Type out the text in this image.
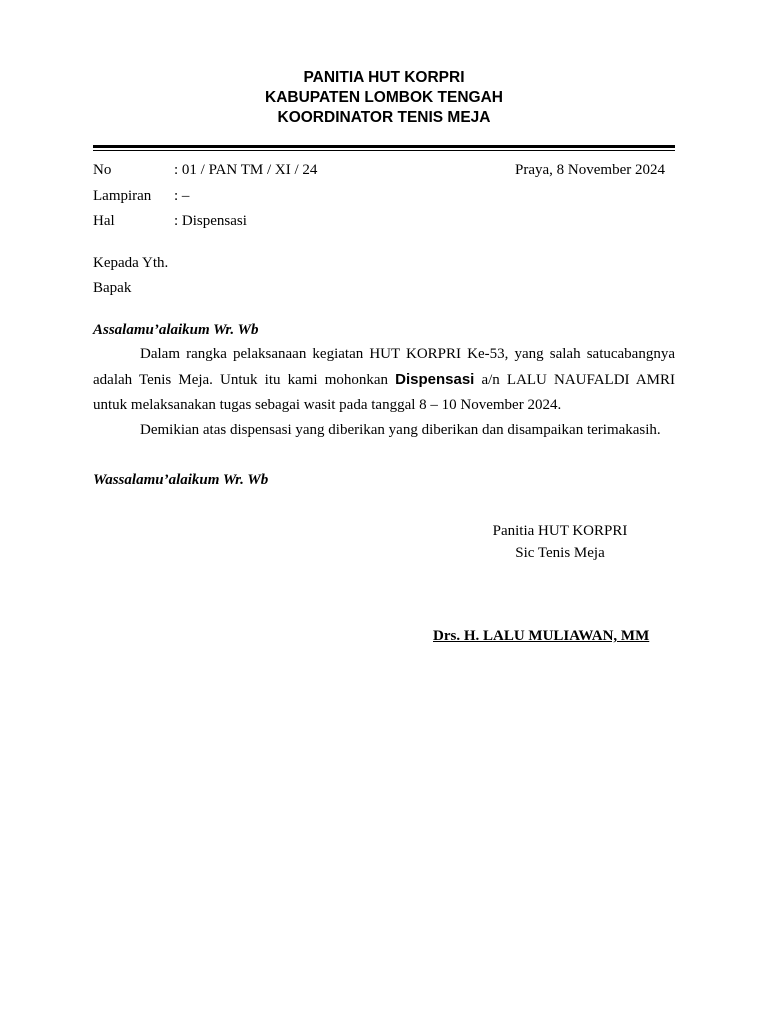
PANITIA HUT KORPRI
KABUPATEN LOMBOK TENGAH
KOORDINATOR TENIS MEJA
No	: 01 / PAN TM / XI / 24	Praya, 8 November 2024
Lampiran : –
Hal	: Dispensasi
Kepada Yth.
Bapak
Assalamu’alaikum Wr. Wb
Dalam rangka pelaksanaan kegiatan HUT KORPRI Ke-53, yang salah satucabangnya adalah Tenis Meja. Untuk itu kami mohonkan Dispensasi a/n LALU NAUFALDI AMRI untuk melaksanakan tugas sebagai wasit pada tanggal 8 – 10 November 2024.
Demikian atas dispensasi yang diberikan yang diberikan dan disampaikan terimakasih.
Wassalamu’alaikum Wr. Wb
Panitia HUT KORPRI
Sic Tenis Meja
Drs. H. LALU MULIAWAN, MM
